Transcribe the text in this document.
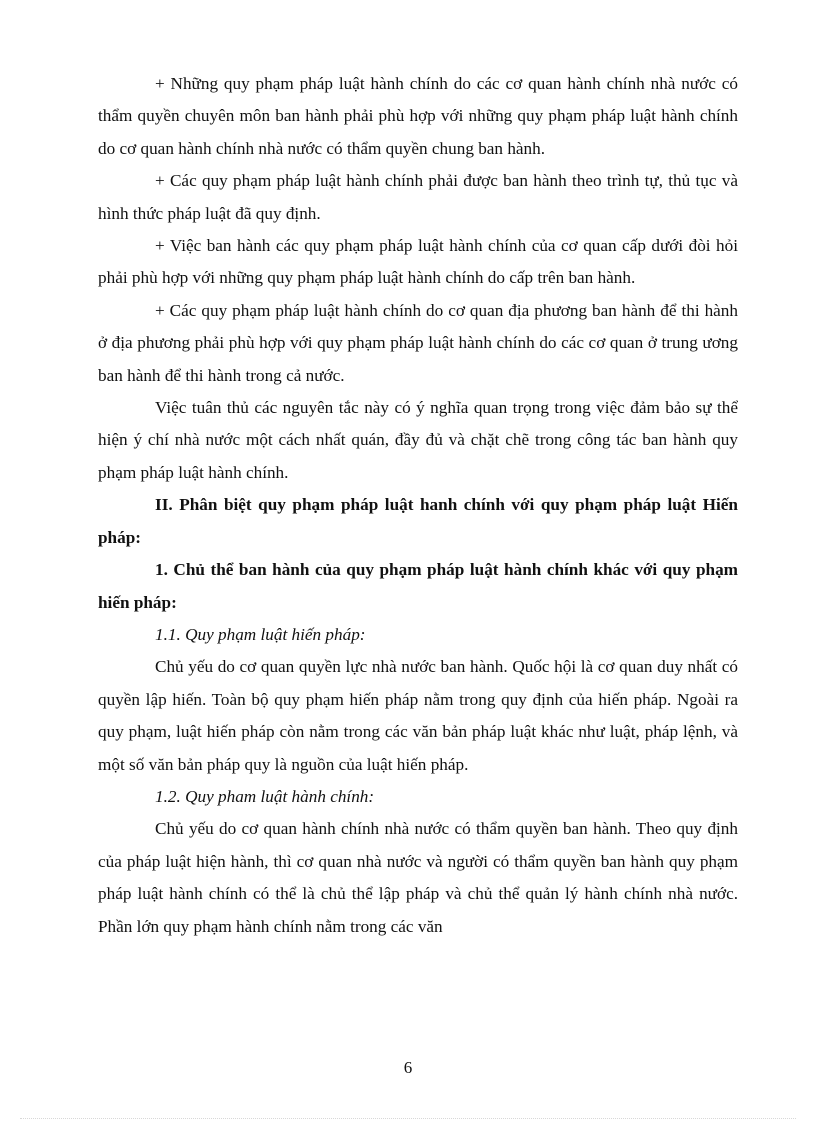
+ Những quy phạm pháp luật hành chính do các cơ quan hành chính nhà nước có thẩm quyền chuyên môn ban hành phải phù hợp với những quy phạm pháp luật hành chính do cơ quan hành chính nhà nước có thẩm quyền chung ban hành.

+ Các quy phạm pháp luật hành chính phải được ban hành theo trình tự, thủ tục và hình thức pháp luật đã quy định.

+ Việc ban hành các quy phạm pháp luật hành chính của cơ quan cấp dưới đòi hỏi phải phù hợp với những quy phạm pháp luật hành chính do cấp trên ban hành.

+ Các quy phạm pháp luật hành chính do cơ quan địa phương ban hành để thi hành ở địa phương phải phù hợp với quy phạm pháp luật hành chính do các cơ quan ở trung ương ban hành để thi hành trong cả nước.

Việc tuân thủ các nguyên tắc này có ý nghĩa quan trọng trong việc đảm bảo sự thể hiện ý chí nhà nước một cách nhất quán, đầy đủ và chặt chẽ trong công tác ban hành quy phạm pháp luật hành chính.

II. Phân biệt quy phạm pháp luật hanh chính với quy phạm pháp luật Hiến pháp:

1. Chủ thể ban hành của quy phạm pháp luật hành chính khác với quy phạm hiến pháp:

1.1. Quy phạm luật hiến pháp:

Chủ yếu do cơ quan quyền lực nhà nước ban hành. Quốc hội là cơ quan duy nhất có quyền lập hiến. Toàn bộ quy phạm hiến pháp nằm trong quy định của hiến pháp. Ngoài ra quy phạm, luật hiến pháp còn nằm trong các văn bản pháp luật khác như luật, pháp lệnh, và một số văn bản pháp quy là nguồn của luật hiến pháp.

1.2. Quy pham luật hành chính:

Chủ yếu do cơ quan hành chính nhà nước có thẩm quyền ban hành. Theo quy định của pháp luật hiện hành, thì cơ quan nhà nước và người có thẩm quyền ban hành quy phạm pháp luật hành chính có thể là chủ thể lập pháp và chủ thể quản lý hành chính nhà nước. Phần lớn quy phạm hành chính nằm trong các văn

6
